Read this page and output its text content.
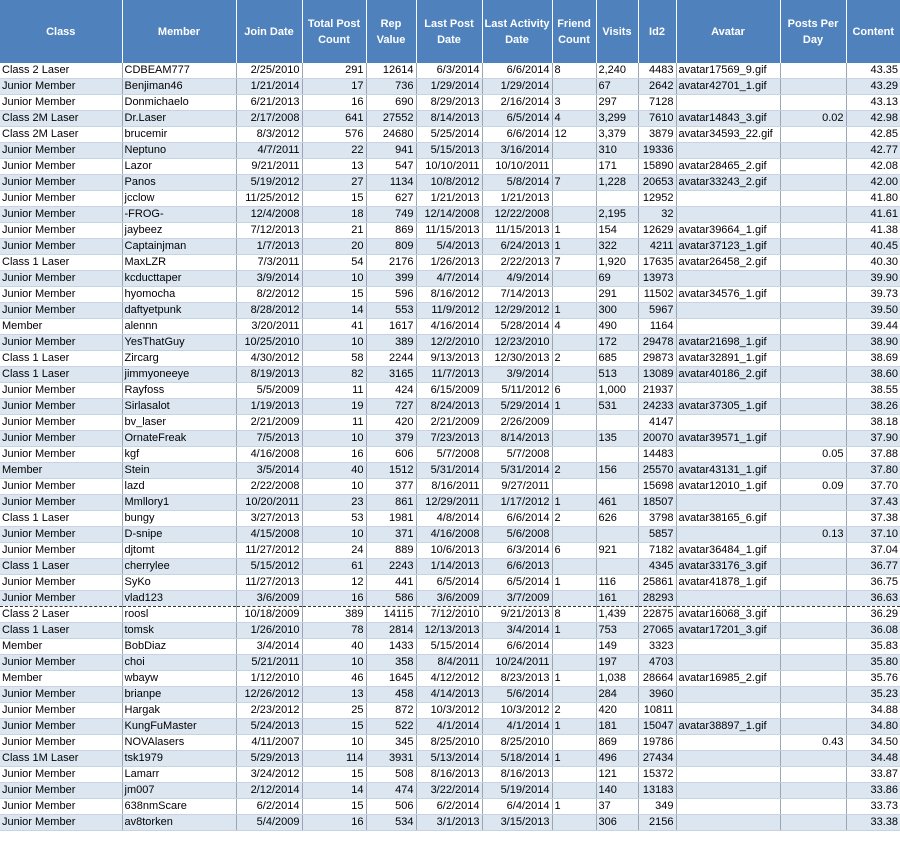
Class	Member	Join Date	Total Post Count	Rep Value	Last Post Date	Last Activity Date	Friend Count	Visits	Id2	Avatar	Posts Per Day	Content
Class 2 Laser	CDBEAM777	2/25/2010	291	12614	6/3/2014	6/6/2014	8	2,240	4483	avatar17569_9.gif		43.35
Junior Member	Benjiman46	1/21/2014	17	736	1/29/2014	1/29/2014		67	2642	avatar42701_1.gif		43.29
Junior Member	Donmichaelo	6/21/2013	16	690	8/29/2013	2/16/2014	3	297	7128			43.13
Class 2M Laser	Dr.Laser	2/17/2008	641	27552	8/14/2013	6/5/2014	4	3,299	7610	avatar14843_3.gif	0.02	42.98
Class 2M Laser	brucemir	8/3/2012	576	24680	5/25/2014	6/6/2014	12	3,379	3879	avatar34593_22.gif		42.85
Junior Member	Neptuno	4/7/2011	22	941	5/15/2013	3/16/2014		310	19336			42.77
Junior Member	Lazor	9/21/2011	13	547	10/10/2011	10/10/2011		171	15890	avatar28465_2.gif		42.08
Junior Member	Panos	5/19/2012	27	1134	10/8/2012	5/8/2014	7	1,228	20653	avatar33243_2.gif		42.00
Junior Member	jcclow	11/25/2012	15	627	1/21/2013	1/21/2013			12952			41.80
Junior Member	-FROG-	12/4/2008	18	749	12/14/2008	12/22/2008		2,195	32			41.61
Junior Member	jaybeez	7/12/2013	21	869	11/15/2013	11/15/2013	1	154	12629	avatar39664_1.gif		41.38
Junior Member	Captainjman	1/7/2013	20	809	5/4/2013	6/24/2013	1	322	4211	avatar37123_1.gif		40.45
Class 1 Laser	MaxLZR	7/3/2011	54	2176	1/26/2013	2/22/2013	7	1,920	17635	avatar26458_2.gif		40.30
Junior Member	kcducttaper	3/9/2014	10	399	4/7/2014	4/9/2014		69	13973			39.90
Junior Member	hyomocha	8/2/2012	15	596	8/16/2012	7/14/2013		291	11502	avatar34576_1.gif		39.73
Junior Member	daftyetpunk	8/28/2012	14	553	11/9/2012	12/29/2012	1	300	5967			39.50
Member	alennn	3/20/2011	41	1617	4/16/2014	5/28/2014	4	490	1164			39.44
Junior Member	YesThatGuy	10/25/2010	10	389	12/2/2010	12/23/2010		172	29478	avatar21698_1.gif		38.90
Class 1 Laser	Zircarg	4/30/2012	58	2244	9/13/2013	12/30/2013	2	685	29873	avatar32891_1.gif		38.69
Class 1 Laser	jimmyoneeye	8/19/2013	82	3165	11/7/2013	3/9/2014		513	13089	avatar40186_2.gif		38.60
Junior Member	Rayfoss	5/5/2009	11	424	6/15/2009	5/11/2012	6	1,000	21937			38.55
Junior Member	Sirlasalot	1/19/2013	19	727	8/24/2013	5/29/2014	1	531	24233	avatar37305_1.gif		38.26
Junior Member	bv_laser	2/21/2009	11	420	2/21/2009	2/26/2009			4147			38.18
Junior Member	OrnateFreak	7/5/2013	10	379	7/23/2013	8/14/2013		135	20070	avatar39571_1.gif		37.90
Junior Member	kgf	4/16/2008	16	606	5/7/2008	5/7/2008			14483		0.05	37.88
Member	Stein	3/5/2014	40	1512	5/31/2014	5/31/2014	2	156	25570	avatar43131_1.gif		37.80
Junior Member	lazd	2/22/2008	10	377	8/16/2011	9/27/2011			15698	avatar12010_1.gif	0.09	37.70
Junior Member	Mmllory1	10/20/2011	23	861	12/29/2011	1/17/2012	1	461	18507			37.43
Class 1 Laser	bungy	3/27/2013	53	1981	4/8/2014	6/6/2014	2	626	3798	avatar38165_6.gif		37.38
Junior Member	D-snipe	4/15/2008	10	371	4/16/2008	5/6/2008			5857		0.13	37.10
Junior Member	djtomt	11/27/2012	24	889	10/6/2013	6/3/2014	6	921	7182	avatar36484_1.gif		37.04
Class 1 Laser	cherrylee	5/15/2012	61	2243	1/14/2013	6/6/2013			4345	avatar33176_3.gif		36.77
Junior Member	SyKo	11/27/2013	12	441	6/5/2014	6/5/2014	1	116	25861	avatar41878_1.gif		36.75
Junior Member	vlad123	3/6/2009	16	586	3/6/2009	3/7/2009		161	28293			36.63
Class 2 Laser	roosl	10/18/2009	389	14115	7/12/2010	9/21/2013	8	1,439	22875	avatar16068_3.gif		36.29
Class 1 Laser	tomsk	1/26/2010	78	2814	12/13/2013	3/4/2014	1	753	27065	avatar17201_3.gif		36.08
Member	BobDiaz	3/4/2014	40	1433	5/15/2014	6/6/2014		149	3323			35.83
Junior Member	choi	5/21/2011	10	358	8/4/2011	10/24/2011		197	4703			35.80
Member	wbayw	1/12/2010	46	1645	4/12/2012	8/23/2013	1	1,038	28664	avatar16985_2.gif		35.76
Junior Member	brianpe	12/26/2012	13	458	4/14/2013	5/6/2014		284	3960			35.23
Junior Member	Hargak	2/23/2012	25	872	10/3/2012	10/3/2012	2	420	10811			34.88
Junior Member	KungFuMaster	5/24/2013	15	522	4/1/2014	4/1/2014	1	181	15047	avatar38897_1.gif		34.80
Junior Member	NOVAlasers	4/11/2007	10	345	8/25/2010	8/25/2010		869	19786		0.43	34.50
Class 1M Laser	tsk1979	5/29/2013	114	3931	5/13/2014	5/18/2014	1	496	27434			34.48
Junior Member	Lamarr	3/24/2012	15	508	8/16/2013	8/16/2013		121	15372			33.87
Junior Member	jm007	2/12/2014	14	474	3/22/2014	5/19/2014		140	13183			33.86
Junior Member	638nmScare	6/2/2014	15	506	6/2/2014	6/4/2014	1	37	349			33.73
Junior Member	av8torken	5/4/2009	16	534	3/1/2013	3/15/2013		306	2156			33.38
